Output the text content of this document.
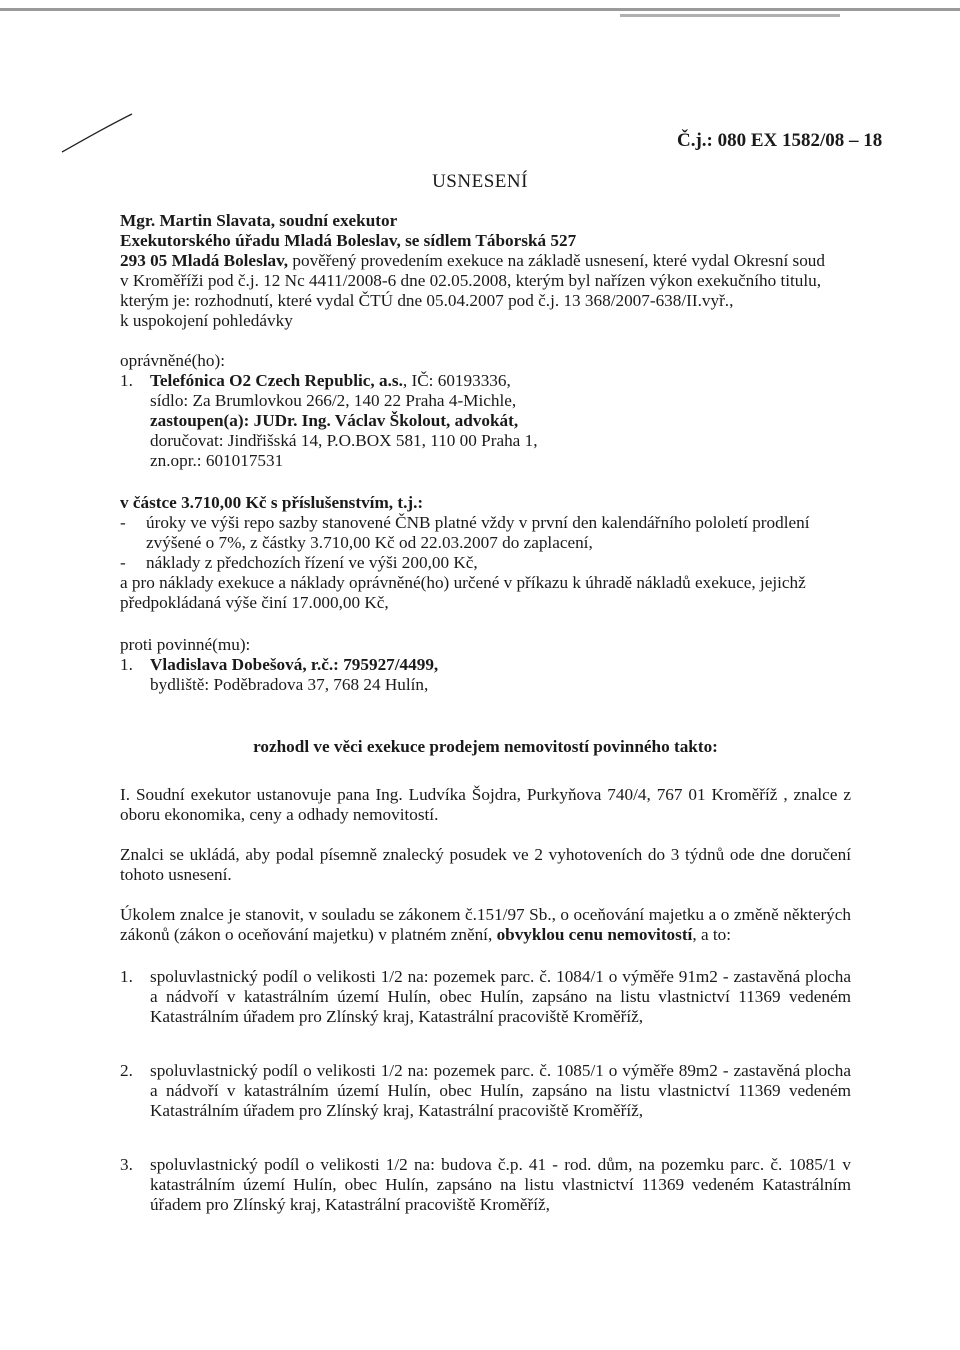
Č.j.: 080 EX 1582/08 – 18
USNESENÍ
Mgr. Martin Slavata, soudní exekutor
Exekutorského úřadu Mladá Boleslav, se sídlem Táborská 527
293 05 Mladá Boleslav, pověřený provedením exekuce na základě usnesení, které vydal Okresní soud
v Kroměříži pod č.j. 12 Nc 4411/2008-6 dne 02.05.2008, kterým byl nařízen výkon exekučního titulu,
kterým je: rozhodnutí, které vydal ČTÚ dne 05.04.2007 pod č.j. 13 368/2007-638/II.vyř.,
k uspokojení pohledávky
oprávněné(ho):
1. Telefónica O2 Czech Republic, a.s., IČ: 60193336,
sídlo: Za Brumlovkou 266/2, 140 22 Praha 4-Michle,
zastoupen(a): JUDr. Ing. Václav Školout, advokát,
doručovat: Jindřišská 14, P.O.BOX 581, 110 00 Praha 1,
zn.opr.: 601017531
v částce 3.710,00 Kč s příslušenstvím, t.j.:
-	úroky ve výši repo sazby stanovené ČNB platné vždy v první den kalendářního pololetí prodlení
zvýšené o 7%, z částky 3.710,00 Kč od 22.03.2007 do zaplacení,
-	náklady z předchozích řízení ve výši 200,00 Kč,
a pro náklady exekuce a náklady oprávněné(ho) určené v příkazu k úhradě nákladů exekuce, jejichž
předpokládaná výše činí 17.000,00 Kč,
proti povinné(mu):
1. Vladislava Dobešová, r.č.: 795927/4499,
bydliště: Poděbradova 37, 768 24 Hulín,
rozhodl ve věci exekuce prodejem nemovitostí povinného takto:
I. Soudní exekutor ustanovuje pana Ing. Ludvíka Šojdra, Purkyňova 740/4, 767 01 Kroměříž , znalce z oboru ekonomika, ceny a odhady nemovitostí.
Znalci se ukládá, aby podal písemně znalecký posudek ve 2 vyhotoveních do 3 týdnů ode dne doručení tohoto usnesení.
Úkolem znalce je stanovit, v souladu se zákonem č.151/97 Sb., o oceňování majetku a o změně některých zákonů (zákon o oceňování majetku) v platném znění, obvyklou cenu nemovitostí, a to:
1. spoluvlastnický podíl o velikosti 1/2 na: pozemek parc. č. 1084/1 o výměře 91m2 - zastavěná plocha a nádvoří v katastrálním území Hulín, obec Hulín, zapsáno na listu vlastnictví 11369 vedeném Katastrálním úřadem pro Zlínský kraj, Katastrální pracoviště Kroměříž,
2. spoluvlastnický podíl o velikosti 1/2 na: pozemek parc. č. 1085/1 o výměře 89m2 - zastavěná plocha a nádvoří v katastrálním území Hulín, obec Hulín, zapsáno na listu vlastnictví 11369 vedeném Katastrálním úřadem pro Zlínský kraj, Katastrální pracoviště Kroměříž,
3. spoluvlastnický podíl o velikosti 1/2 na: budova č.p. 41 - rod. dům, na pozemku parc. č. 1085/1 v katastrálním území Hulín, obec Hulín, zapsáno na listu vlastnictví 11369 vedeném Katastrálním úřadem pro Zlínský kraj, Katastrální pracoviště Kroměříž,
